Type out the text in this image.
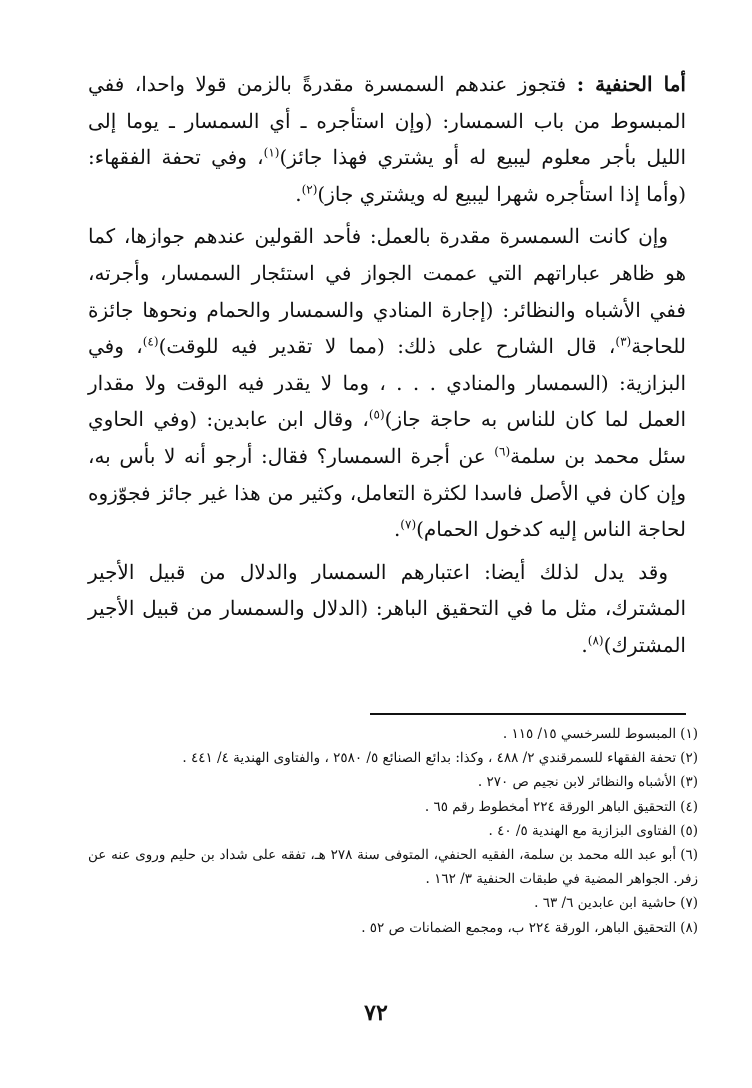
أما الحنفية : فتجوز عندهم السمسرة مقدرةً بالزمن قولا واحدا، ففي المبسوط من باب السمسار: (وإن استأجره ـ أي السمسار ـ يوما إلى الليل بأجر معلوم ليبيع له أو يشتري فهذا جائز)$^{(١)}$، وفي تحفة الفقهاء: (وأما إذا استأجره شهرا ليبيع له ويشتري جاز)$^{(٢)}$.

وإن كانت السمسرة مقدرة بالعمل: فأحد القولين عندهم جوازها، كما هو ظاهر عباراتهم التي عممت الجواز في استئجار السمسار، وأجرته، ففي الأشباه والنظائر: (إجارة المنادي والسمسار والحمام ونحوها جائزة للحاجة$^{(٣)}$، قال الشارح على ذلك: (مما لا تقدير فيه للوقت)$^{(٤)}$، وفي البزازية: (السمسار والمنادي . . . ، وما لا يقدر فيه الوقت ولا مقدار العمل لما كان للناس به حاجة جاز)$^{(٥)}$، وقال ابن عابدين: (وفي الحاوي سئل محمد بن سلمة$^{(٦)}$ عن أجرة السمسار؟ فقال: أرجو أنه لا بأس به، وإن كان في الأصل فاسدا لكثرة التعامل، وكثير من هذا غير جائز فجوّزوه لحاجة الناس إليه كدخول الحمام)$^{(٧)}$.

وقد يدل لذلك أيضا: اعتبارهم السمسار والدلال من قبيل الأجير المشترك، مثل ما في التحقيق الباهر: (الدلال والسمسار من قبيل الأجير المشترك)$^{(٨)}$.

(١)المبسوط للسرخسي ١٥/ ١١٥ .

(٢)تحفة الفقهاء للسمرقندي ٢/ ٤٨٨ ، وكذا: بدائع الصنائع ٥/ ٢٥٨٠ ، والفتاوى الهندية ٤/ ٤٤١ .

(٣)الأشباه والنظائر لابن نجيم ص ٢٧٠ .

(٤)التحقيق الباهر الورقة ٢٢٤ أمخطوط رقم ٦٥ .

(٥)الفتاوى البزازية مع الهندية ٥/ ٤٠ .

(٦)أبو عبد الله محمد بن سلمة، الفقيه الحنفي، المتوفى سنة ٢٧٨ هـ، تفقه على شداد بن حليم وروى عنه عن زفر. الجواهر المضية في طبقات الحنفية ٣/ ١٦٢ .

(٧)حاشية ابن عابدين ٦/ ٦٣ .

(٨)التحقيق الباهر، الورقة ٢٢٤ ب، ومجمع الضمانات ص ٥٢ .

٧٢
